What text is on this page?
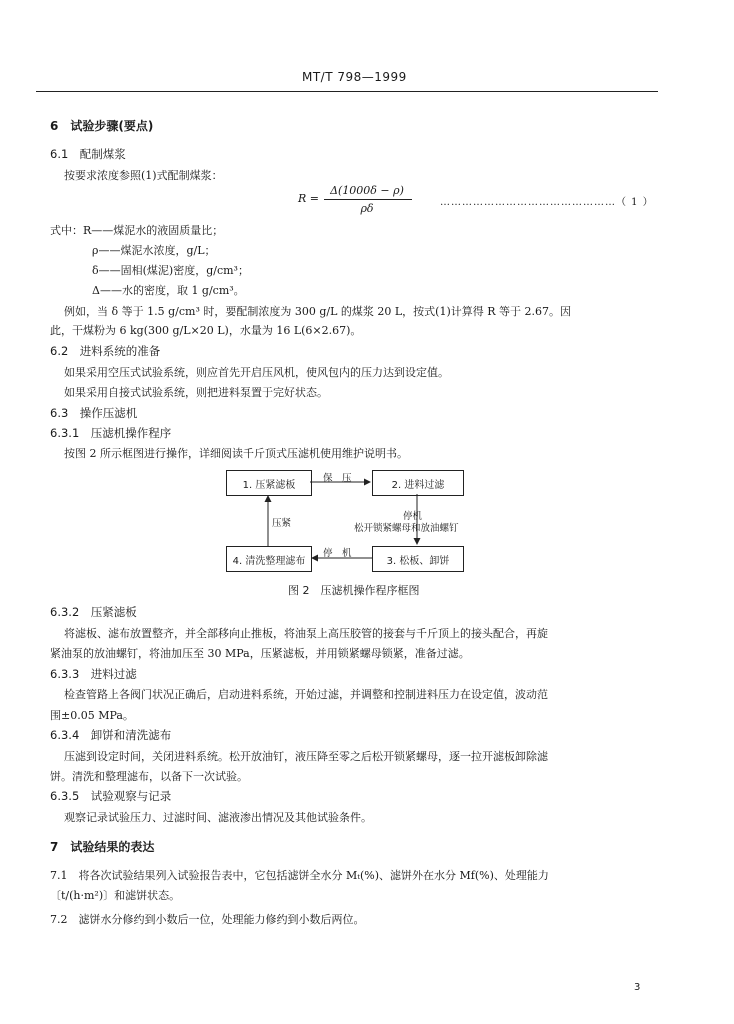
MT/T 798—1999
6　试验步骤(要点)
6.1　配制煤浆
按要求浓度参照(1)式配制煤浆：
R =
Δ(1000δ − ρ)
ρδ	…………………………………………（ 1 ）
式中：R——煤泥水的液固质量比；
ρ——煤泥水浓度，g/L；
δ——固相(煤泥)密度，g/cm³；
Δ——水的密度，取 1 g/cm³。
例如，当 δ 等于 1.5 g/cm³ 时，要配制浓度为 300 g/L 的煤浆 20 L，按式(1)计算得 R 等于 2.67。因
此，干煤粉为 6 kg(300 g/L×20 L)，水量为 16 L(6×2.67)。
6.2　进料系统的准备
如果采用空压式试验系统，则应首先开启压风机，使风包内的压力达到设定值。
如果采用自接式试验系统，则把进料泵置于完好状态。
6.3　操作压滤机
6.3.1　压滤机操作程序
按图 2 所示框图进行操作，详细阅读千斤顶式压滤机使用维护说明书。
1. 压紧滤板	2. 进料过滤
4. 清洗整理滤布	3. 松板、卸饼
保　压
停　机
压紧
停机
松开锁紧螺母和放油螺钉
图 2　压滤机操作程序框图
6.3.2　压紧滤板
将滤板、滤布放置整齐，并全部移向止推板，将油泵上高压胶管的接套与千斤顶上的接头配合，再旋
紧油泵的放油螺钉，将油加压至 30 MPa，压紧滤板，并用锁紧螺母锁紧，准备过滤。
6.3.3　进料过滤
检查管路上各阀门状况正确后，启动进料系统，开始过滤，并调整和控制进料压力在设定值，波动范
围±0.05 MPa。
6.3.4　卸饼和清洗滤布
压滤到设定时间，关闭进料系统。松开放油钉，液压降至零之后松开锁紧螺母，逐一拉开滤板卸除滤
饼。清洗和整理滤布，以备下一次试验。
6.3.5　试验观察与记录
观察记录试验压力、过滤时间、滤液渗出情况及其他试验条件。
7　试验结果的表达
7.1　将各次试验结果列入试验报告表中，它包括滤饼全水分 Mₜ(%)、滤饼外在水分 Mf(%)、处理能力
〔t/(h·m²)〕和滤饼状态。
7.2　滤饼水分修约到小数后一位，处理能力修约到小数后两位。
3
